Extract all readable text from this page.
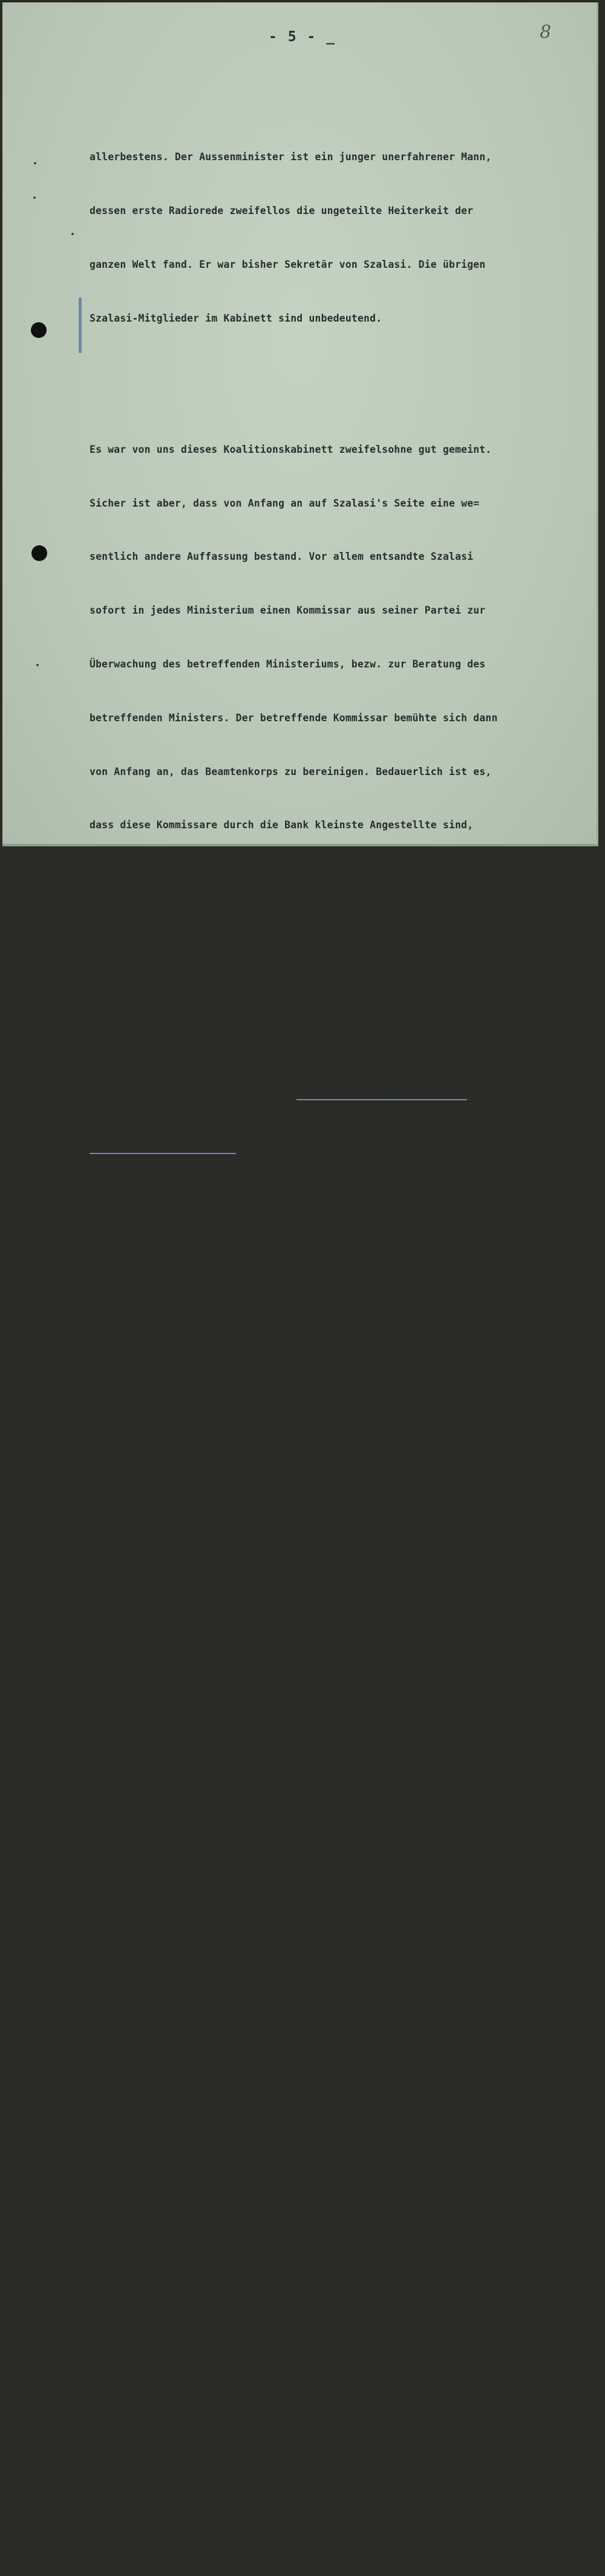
- 5 - _	8

allerbestens. Der Aussenminister ist ein junger unerfahrener Mann,

dessen erste Radiorede zweifellos die ungeteilte Heiterkeit der

ganzen Welt fand. Er war bisher Sekretär von Szalasi. Die übrigen

Szalasi-Mitglieder im Kabinett sind unbedeutend.

Es war von uns dieses Koalitionskabinett zweifelsohne gut gemeint.

Sicher ist aber, dass von Anfang an auf Szalasi's Seite eine we=

sentlich andere Auffassung bestand. Vor allem entsandte Szalasi

sofort in jedes Ministerium einen Kommissar aus seiner Partei zur

Überwachung des betreffenden Ministeriums, bezw. zur Beratung des

betreffenden Ministers. Der betreffende Kommissar bemühte sich dann

von Anfang an, das Beamtenkorps zu bereinigen. Bedauerlich ist es,

dass diese Kommissare durch die Bank kleinste Angestellte sind,

eben weil Szalasi keine anderen Leute zur Verfügung stehen. So wur=

de z.B. im Aussenministerium Exz.Nickl ein Schlafwagenoberschaffner

zugeteilt, weil dies der einzige sprachgewandte Mann der Partei ist.

Ganz Budapest unterhält sich darüber, dass dieser Kommissar Exz.

Nickl mit Bruder Nickl anspricht, während Nickl immer mit Herr

Oberschaffner antwortet.

Als Kommissar beim Ackerbauminister wurde ein kleiner Buchhalter

der Hangya-Genossenschaft eingesetzt, der von der Hangya als einer

ihrer unfähigsten Leute bezeichnet wird,

Bei Minister Jurcsek meldete sich wiederum ein gewisser Rajk, ein

ehemaliger Angestellter der Hangya, der vor 7 Jahren auf meine

Veranlassung bei der Hangya entlassen wurde, dann eine Pfeilkreuz=

ler-Genossenschaft aufzog und in kurzer Zeit in Konkurs geriet. Ich

persönlich habe diesen Rajk stets als Narren bezeichnet. Dieser

Rajk meldete sich nun als von der Partei bestimmter Preiskommissar

und Staatssekretär bei Jurcsek.

Leider wurde dieses Kommissarwesen in den ersten Tagen zu einer

Landplage. In allen grossen Betrieben traten schon in den ersten

Tagen solche Kommissare auf. So erschien beispielsweise in der

Hangya-Genossenschaft, die immerhin heute der einzige funktionieren=

de Versorgungsbetrieb des Landes ist, ein kleiner Buchhalter dieser

Genossenschaft als Kommissar und warf in hohem Bogen 14 Direktoren

hinaus mitsamt dem Generaldirektor. Es blieben noch einige wenige

Direktoren übrig, der gesamte Betrieb aber kam zum Stillstand. Ein

Direktor (Hilbert), der diesem kleinen Angestellten drei Wochen vor=

her eine Gehaltsaufbesserung abgelehnt hatte, wurde sofort von zwei

Parteimitgliedern abgeführt und eingesperrt. Das komische dabei
